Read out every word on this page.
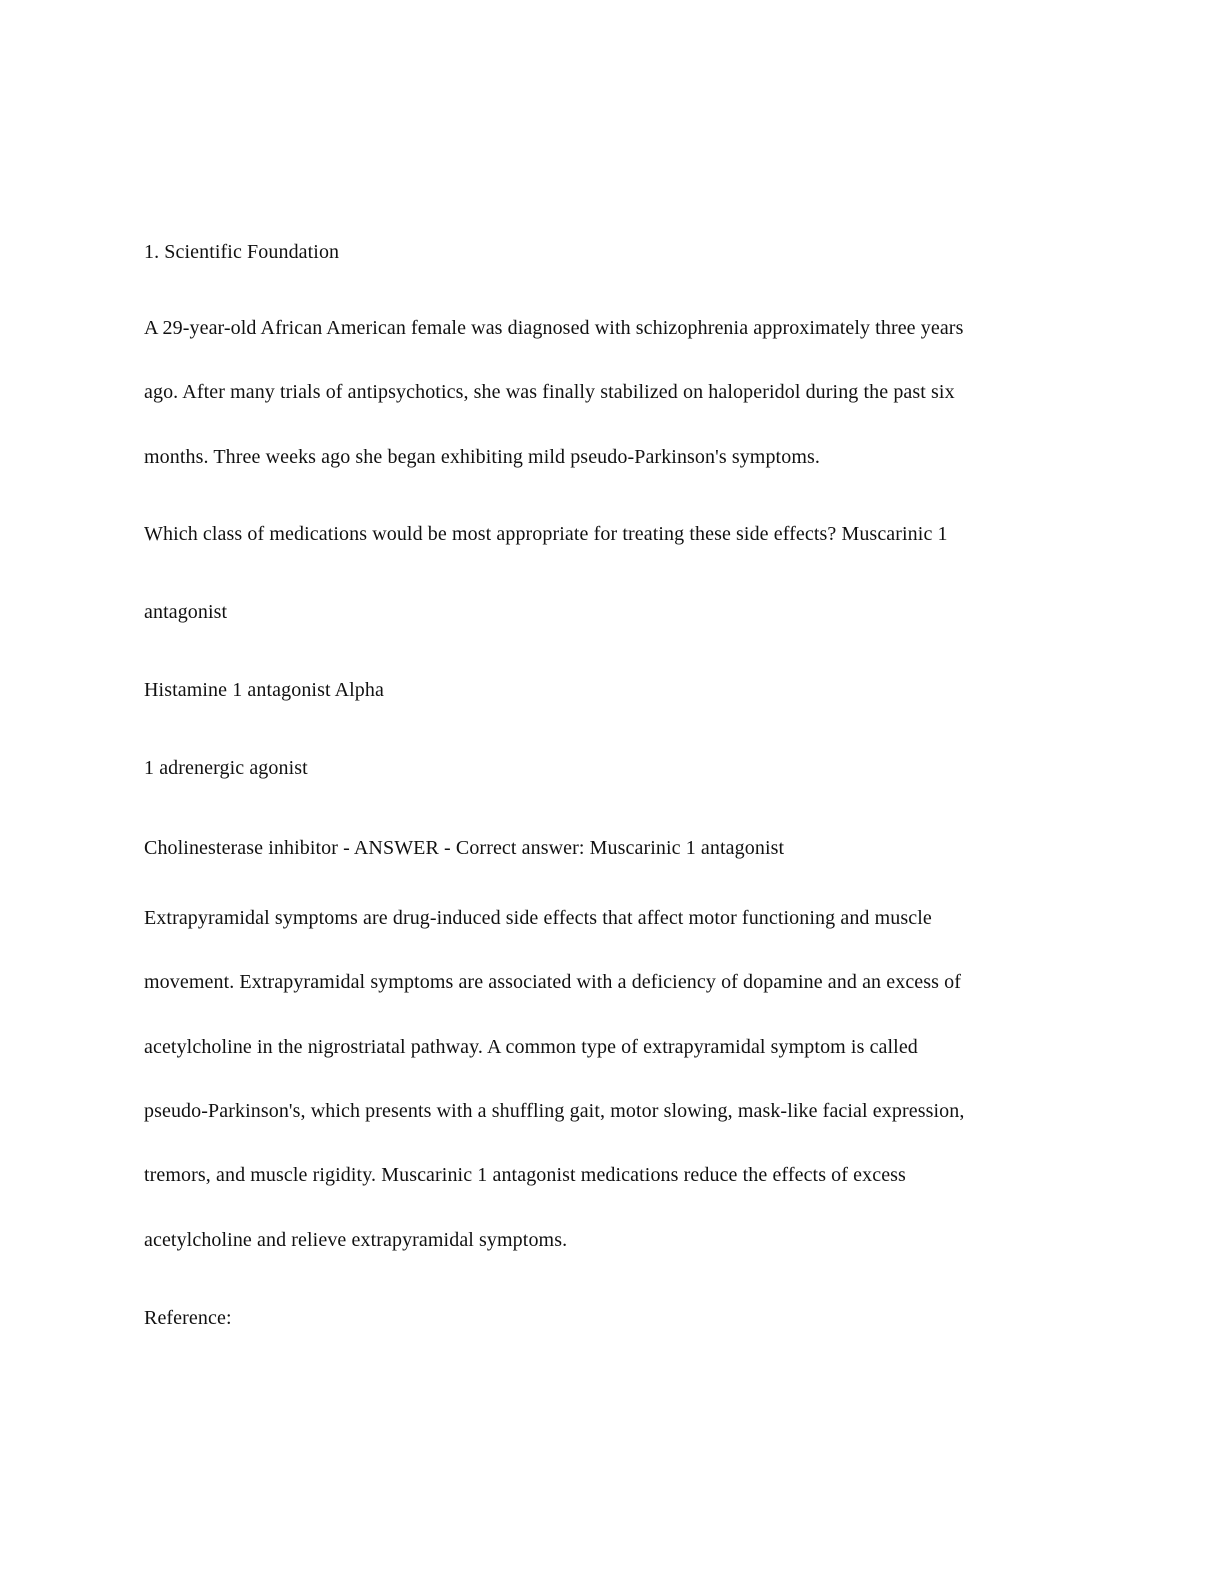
1. Scientific Foundation
A 29-year-old African American female was diagnosed with schizophrenia approximately three years
ago. After many trials of antipsychotics, she was finally stabilized on haloperidol during the past six
months. Three weeks ago she began exhibiting mild pseudo-Parkinson's symptoms.
Which class of medications would be most appropriate for treating these side effects? Muscarinic 1
antagonist
Histamine 1 antagonist Alpha
1 adrenergic agonist
Cholinesterase inhibitor - ANSWER - Correct answer: Muscarinic 1 antagonist
Extrapyramidal symptoms are drug-induced side effects that affect motor functioning and muscle
movement. Extrapyramidal symptoms are associated with a deficiency of dopamine and an excess of
acetylcholine in the nigrostriatal pathway. A common type of extrapyramidal symptom is called
pseudo-Parkinson's, which presents with a shuffling gait, motor slowing, mask-like facial expression,
tremors, and muscle rigidity. Muscarinic 1 antagonist medications reduce the effects of excess
acetylcholine and relieve extrapyramidal symptoms.
Reference:
